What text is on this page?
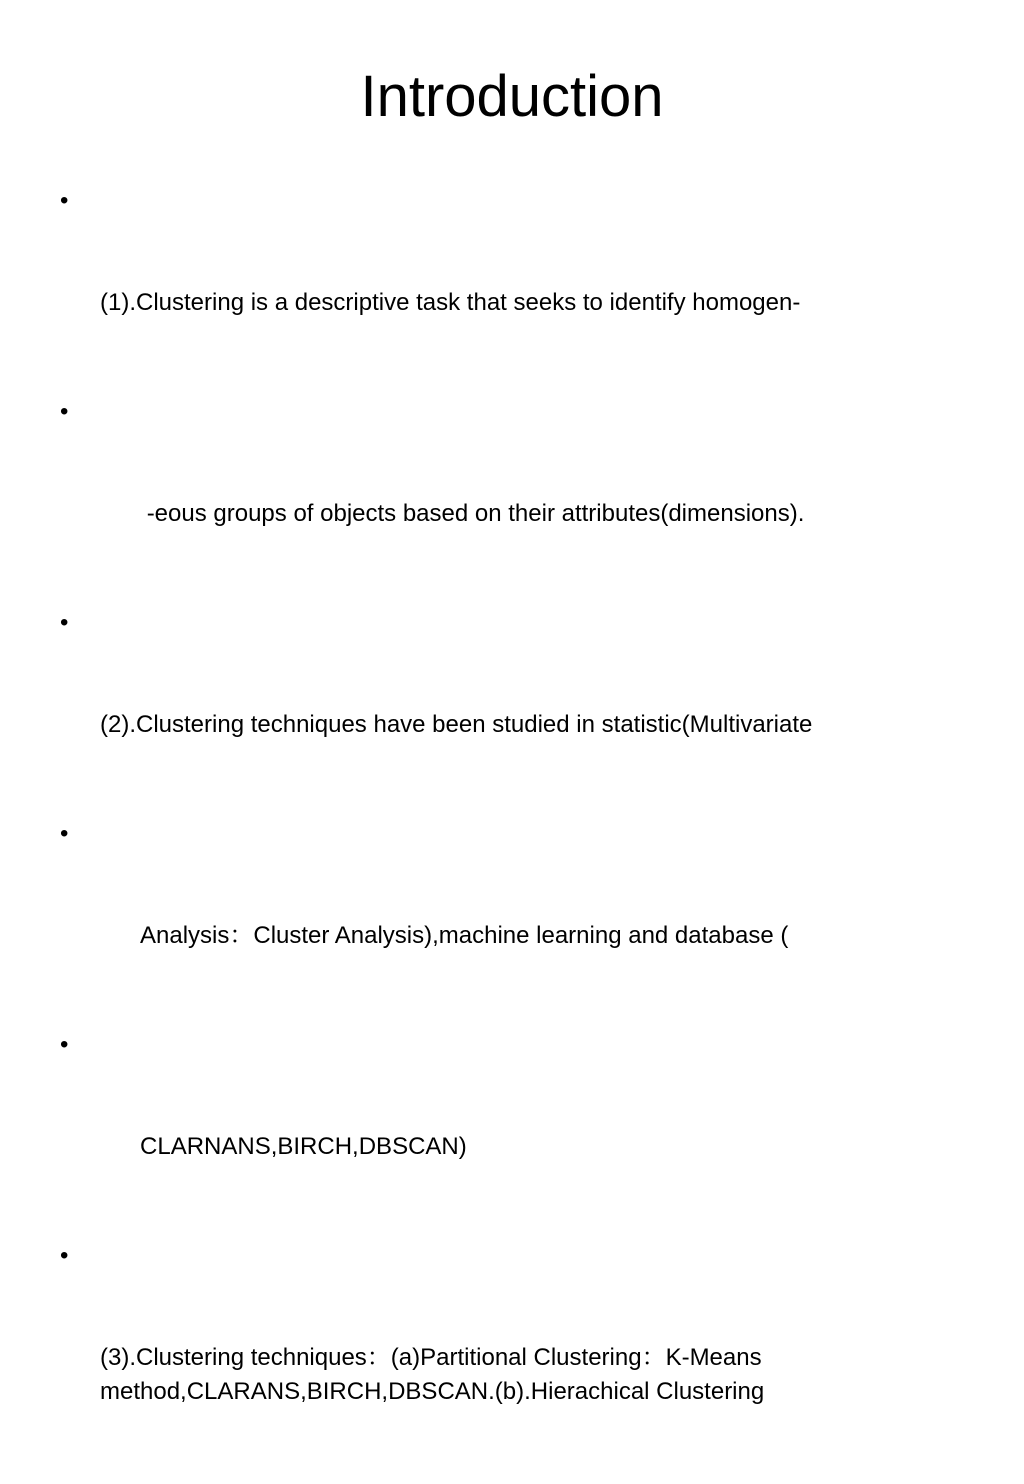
Introduction

•

(1).Clustering is a descriptive task that seeks to identify homogen-

•

-eous groups of objects based on their attributes(dimensions).

•

(2).Clustering techniques have been studied in statistic(Multivariate

•

Analysis：Cluster Analysis),machine learning and database (

•

CLARNANS,BIRCH,DBSCAN)

•

(3).Clustering techniques：(a)Partitional Clustering：K-Means method,CLARANS,BIRCH,DBSCAN.(b).Hierachical Clustering
